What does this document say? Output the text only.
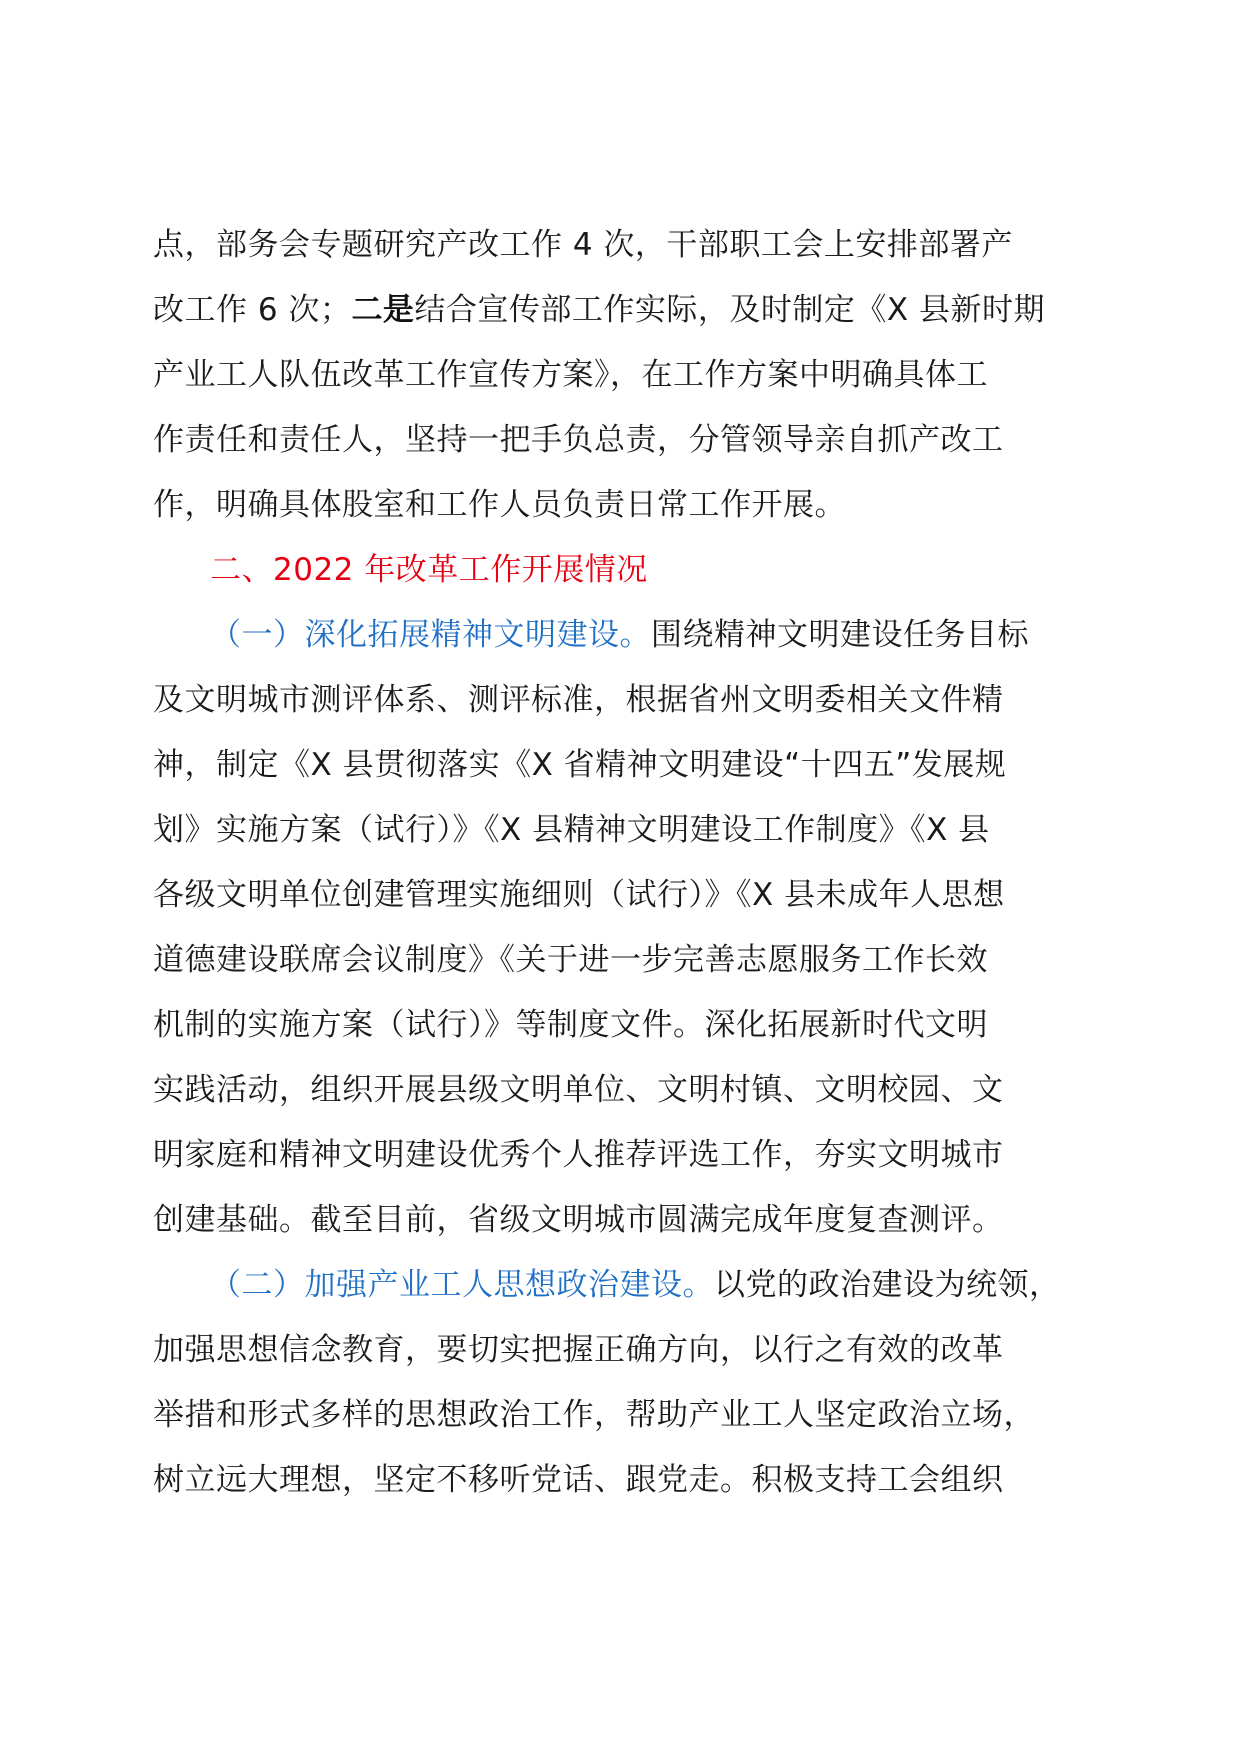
点，部务会专题研究产改工作 4 次，干部职工会上安排部署产
改工作 6 次；二是结合宣传部工作实际，及时制定《X 县新时期
产业工人队伍改革工作宣传方案》，在工作方案中明确具体工
作责任和责任人，坚持一把手负总责，分管领导亲自抓产改工
作，明确具体股室和工作人员负责日常工作开展。
二、2022 年改革工作开展情况
（一）深化拓展精神文明建设。围绕精神文明建设任务目标
及文明城市测评体系、测评标准，根据省州文明委相关文件精
神，制定《X 县贯彻落实《X 省精神文明建设“十四五”发展规
划》实施方案（试行）》《X 县精神文明建设工作制度》《X 县
各级文明单位创建管理实施细则（试行）》《X 县未成年人思想
道德建设联席会议制度》《关于进一步完善志愿服务工作长效
机制的实施方案（试行）》等制度文件。深化拓展新时代文明
实践活动，组织开展县级文明单位、文明村镇、文明校园、文
明家庭和精神文明建设优秀个人推荐评选工作，夯实文明城市
创建基础。截至目前，省级文明城市圆满完成年度复查测评。
（二）加强产业工人思想政治建设。以党的政治建设为统领，
加强思想信念教育，要切实把握正确方向，以行之有效的改革
举措和形式多样的思想政治工作，帮助产业工人坚定政治立场，
树立远大理想，坚定不移听党话、跟党走。积极支持工会组织
